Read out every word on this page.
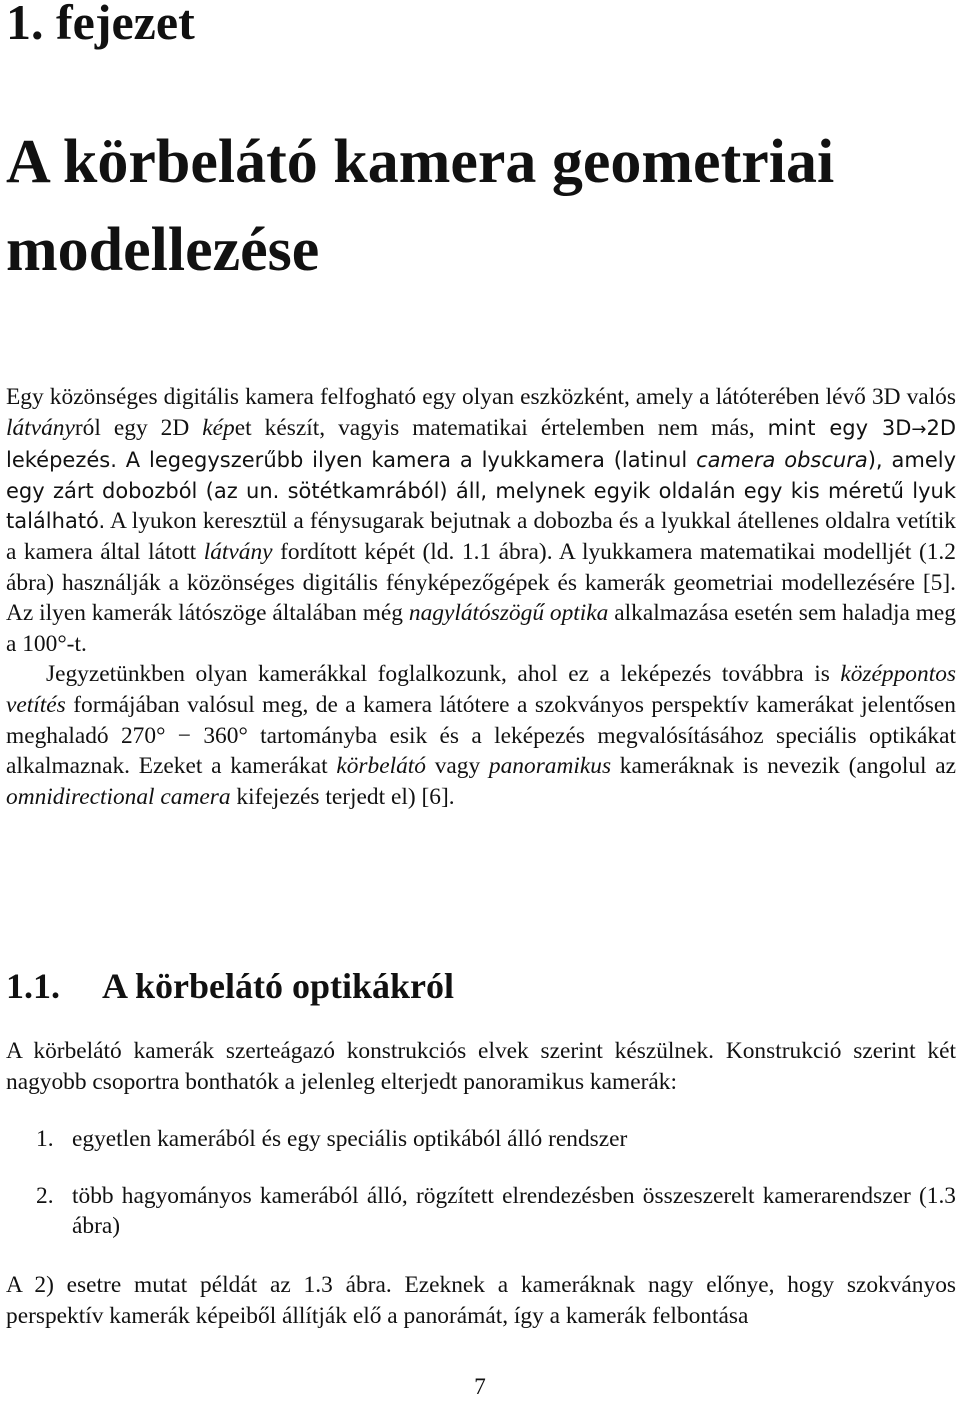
1. fejezet
A körbelátó kamera geometriai modellezése

Egy közönséges digitális kamera felfogható egy olyan eszközként, amely a látóterében lévő 3D valós látványról egy 2D képet készít, vagyis matematikai értelemben nem más, mint egy 3D→2D leképezés. A legegyszerűbb ilyen kamera a lyukkamera (latinul camera obscura), amely egy zárt dobozból (az un. sötétkamrából) áll, melynek egyik oldalán egy kis méretű lyuk található. A lyukon keresztül a fénysugarak bejutnak a dobozba és a lyukkal átellenes oldalra vetítik a kamera által látott látvány fordított képét (ld. 1.1 ábra). A lyukkamera matematikai modelljét (1.2 ábra) használják a közönséges digitális fényképezőgépek és kamerák geometriai modellezésére [5]. Az ilyen kamerák látószöge általában még nagylátószögű optika alkalmazása esetén sem haladja meg a 100°-t.

Jegyzetünkben olyan kamerákkal foglalkozunk, ahol ez a leképezés továbbra is középpontos vetítés formájában valósul meg, de a kamera látótere a szokványos perspektív kamerákat jelentősen meghaladó 270° − 360° tartományba esik és a leképezés megvalósításához speciális optikákat alkalmaznak. Ezeket a kamerákat körbelátó vagy panoramikus kameráknak is nevezik (angolul az omnidirectional camera kifejezés terjedt el) [6].

1.1. A körbelátó optikákról

A körbelátó kamerák szerteágazó konstrukciós elvek szerint készülnek. Konstrukció szerint két nagyobb csoportra bonthatók a jelenleg elterjedt panoramikus kamerák:

1. egyetlen kamerából és egy speciális optikából álló rendszer
2. több hagyományos kamerából álló, rögzített elrendezésben összeszerelt kamerarendszer (1.3 ábra)

A 2) esetre mutat példát az 1.3 ábra. Ezeknek a kameráknak nagy előnye, hogy szokványos perspektív kamerák képeiből állítják elő a panorámát, így a kamerák felbontása

7
